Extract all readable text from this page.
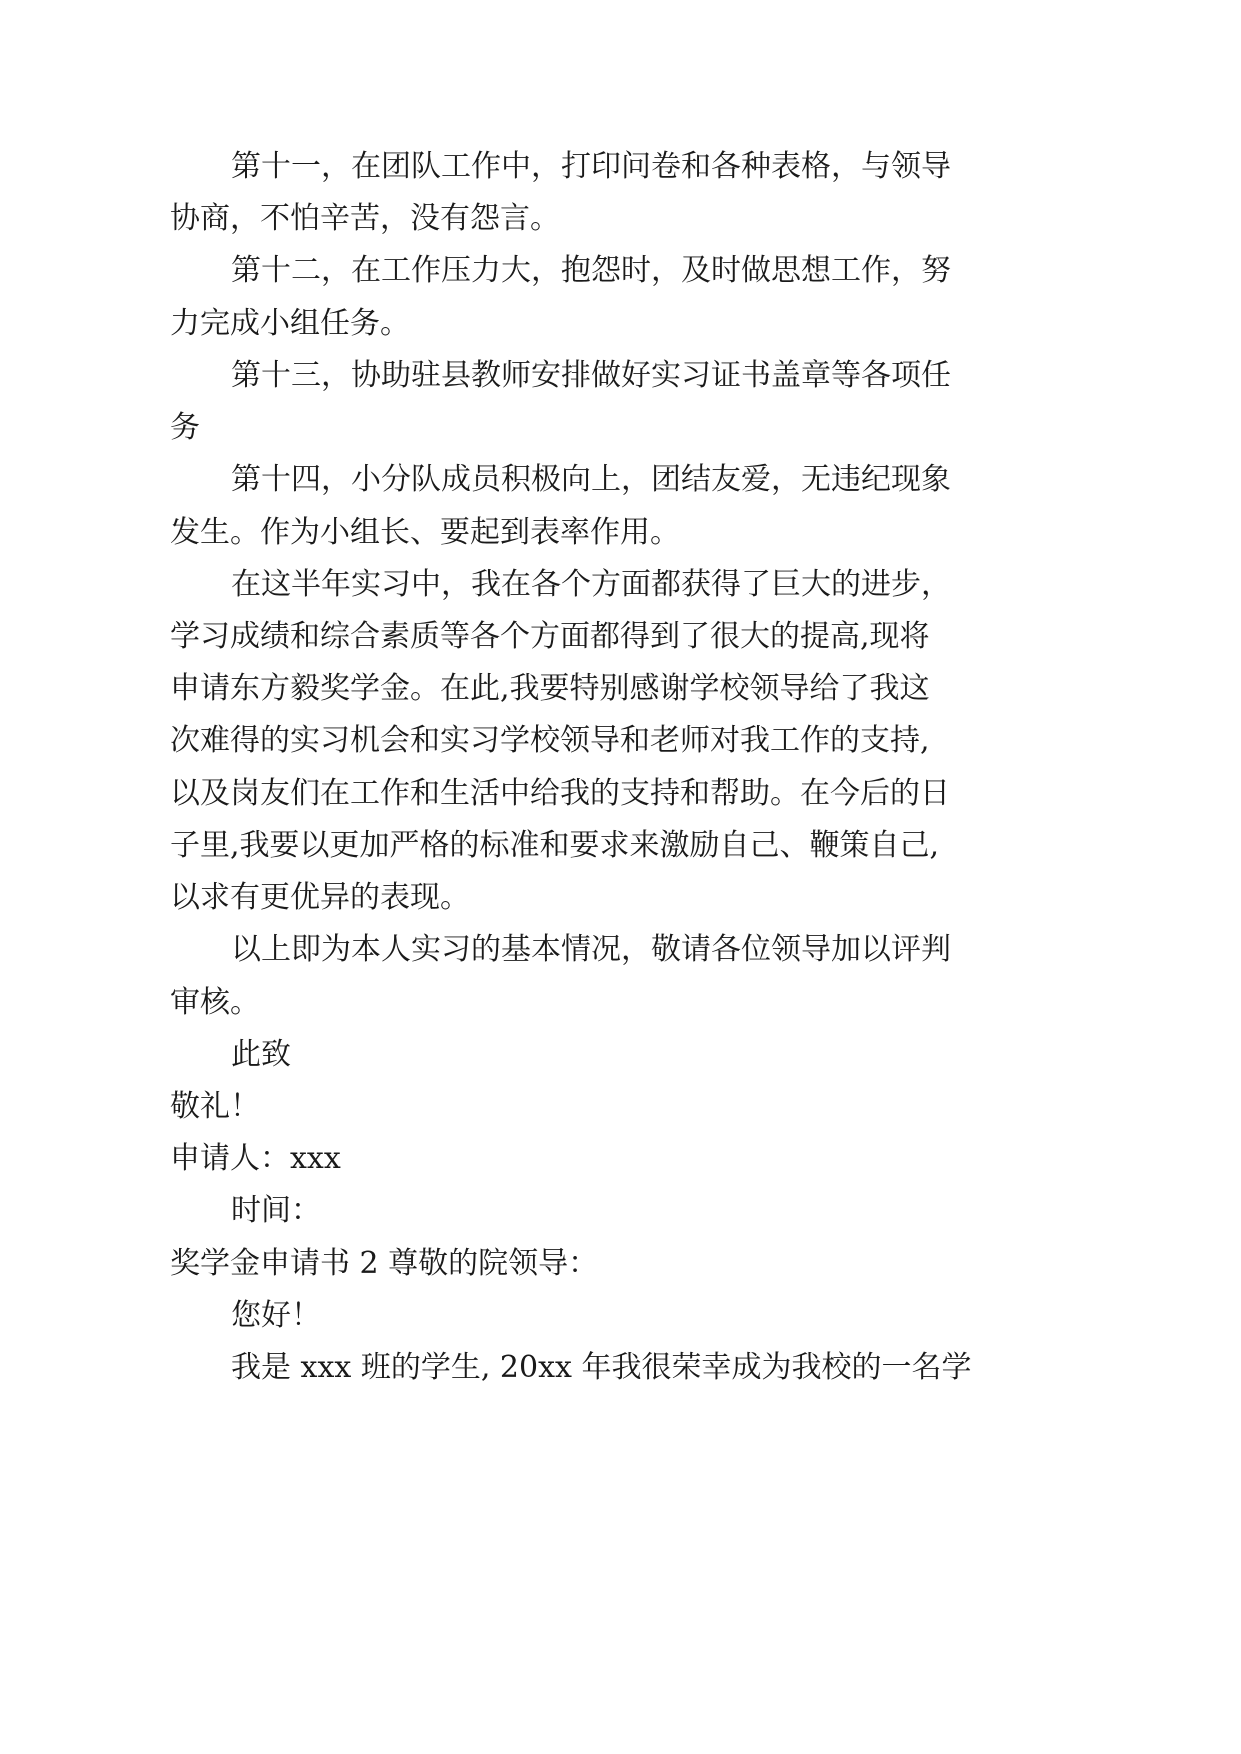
第十一，在团队工作中，打印问卷和各种表格，与领导

协商，不怕辛苦，没有怨言。

第十二，在工作压力大，抱怨时，及时做思想工作，努

力完成小组任务。

第十三，协助驻县教师安排做好实习证书盖章等各项任

务

第十四，小分队成员积极向上，团结友爱，无违纪现象

发生。作为小组长、要起到表率作用。

在这半年实习中，我在各个方面都获得了巨大的进步，

学习成绩和综合素质等各个方面都得到了很大的提高,现将

申请东方毅奖学金。在此,我要特别感谢学校领导给了我这

次难得的实习机会和实习学校领导和老师对我工作的支持,

以及岗友们在工作和生活中给我的支持和帮助。在今后的日

子里,我要以更加严格的标准和要求来激励自己、鞭策自己,

以求有更优异的表现。

以上即为本人实习的基本情况，敬请各位领导加以评判

审核。

此致

敬礼！

申请人：xxx

时间：

奖学金申请书 2 尊敬的院领导：

您好！

我是 xxx 班的学生, 20xx 年我很荣幸成为我校的一名学
